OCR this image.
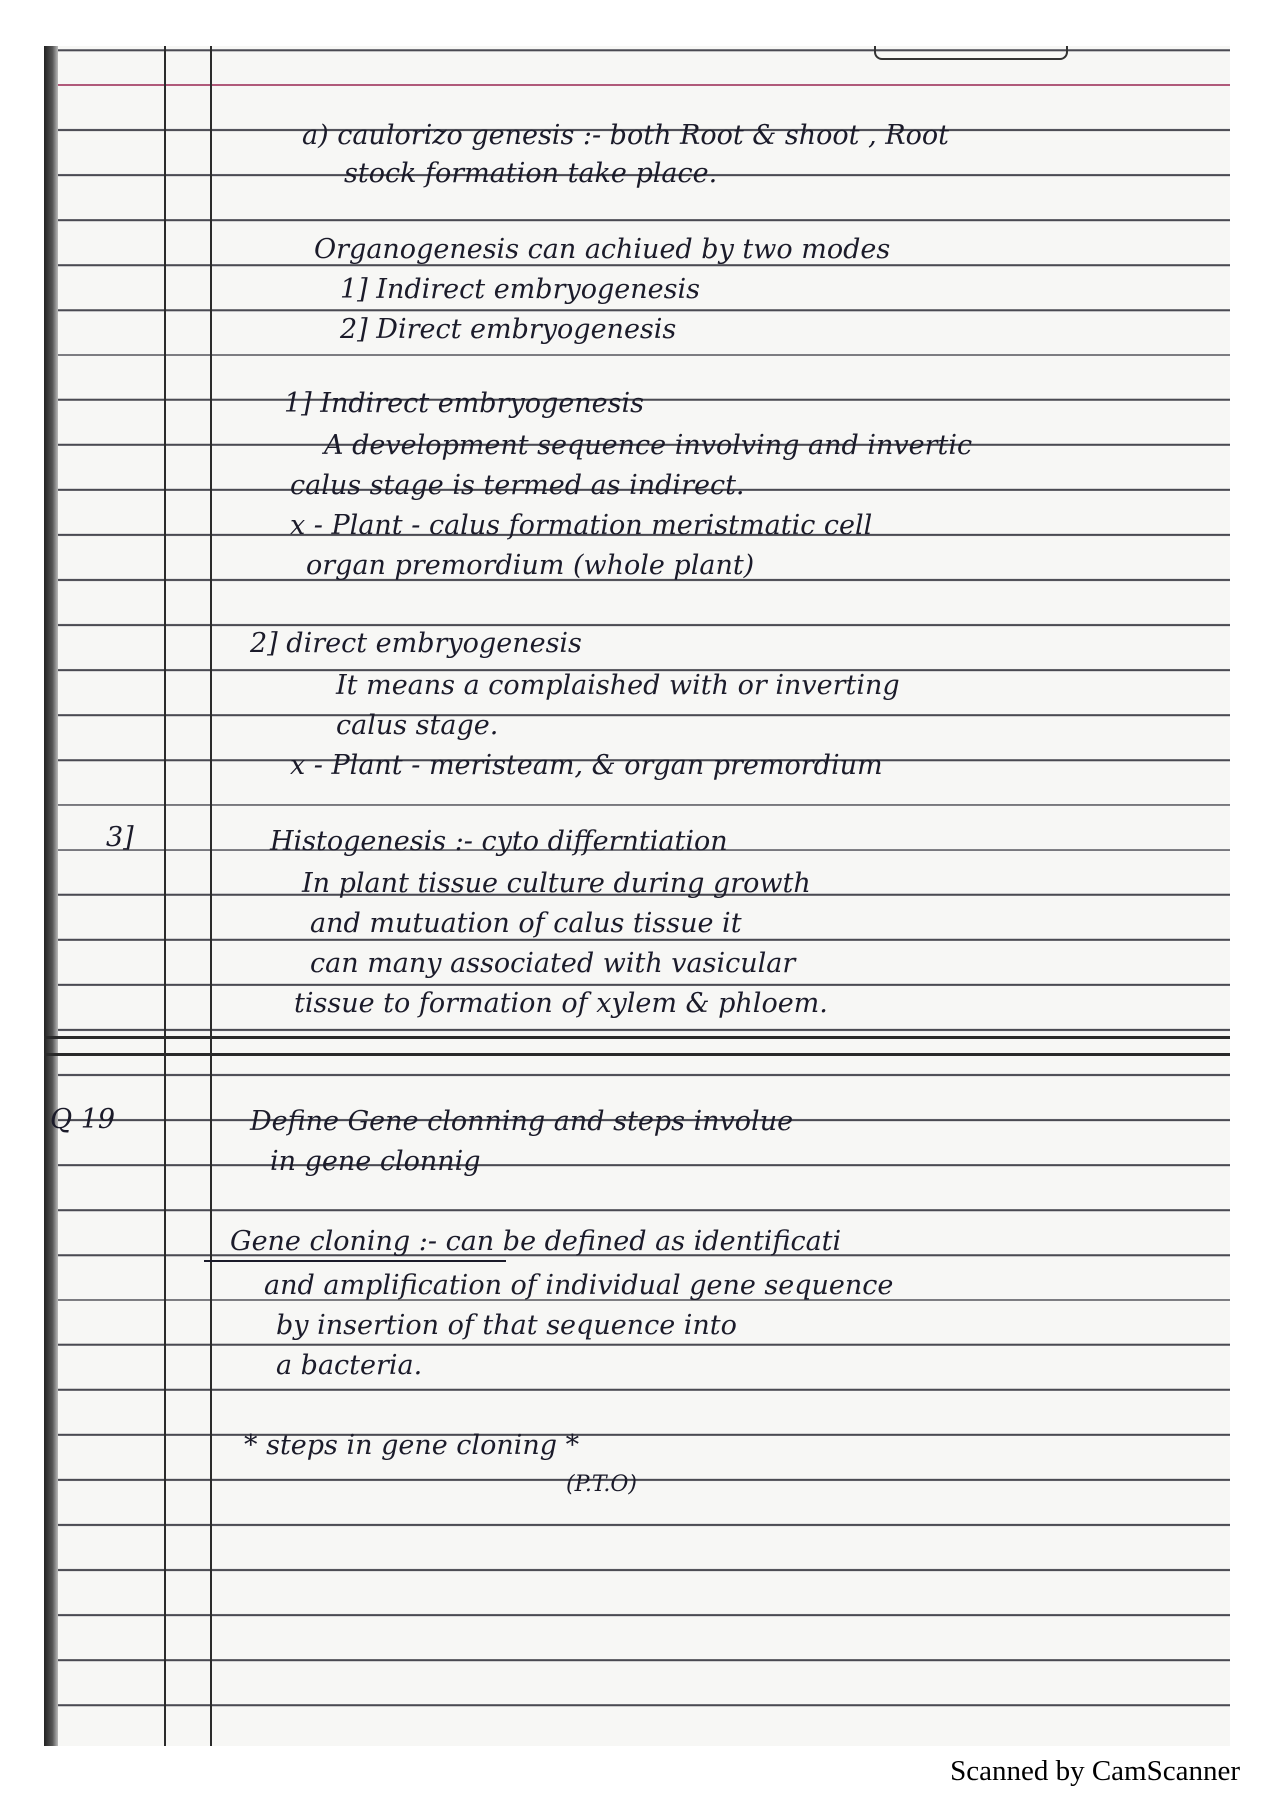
a) caulorizo genesis :- both Root & shoot , Root

stock formation take place.

Organogenesis can achiued by two modes

1] Indirect embryogenesis

2] Direct embryogenesis

1] Indirect embryogenesis

A development sequence involving and invertic

calus stage is termed as indirect.

x - Plant - calus formation meristmatic cell

organ premordium (whole plant)

2] direct embryogenesis

It means a complaished with or inverting

calus stage.

x - Plant - meristeam, & organ premordium

3]	Histogenesis :- cyto differntiation

In plant tissue culture during growth

and mutuation of calus tissue it

can many associated with vasicular

tissue to formation of xylem & phloem.

Q 19	Define Gene clonning and steps involue

in gene clonnig

Gene cloning :- can be defined as identificati

and amplification of individual gene sequence

by insertion of that sequence into

a bacteria.

* steps in gene cloning *

(P.T.O)

Scanned by CamScanner
